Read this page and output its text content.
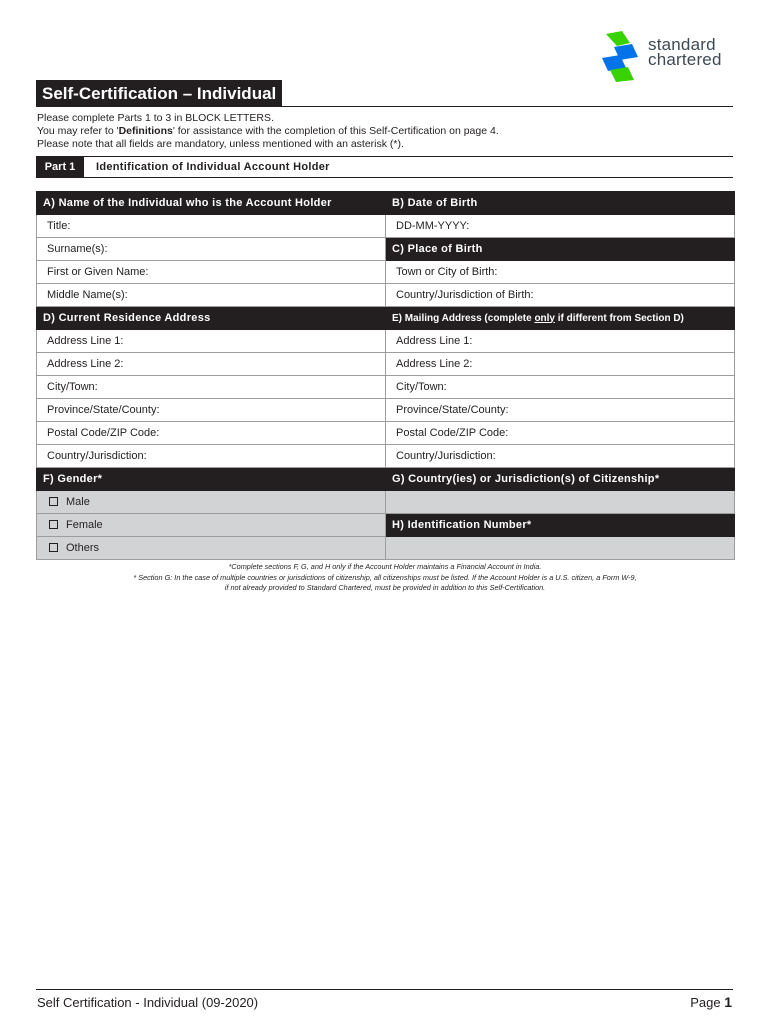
standard
chartered
Self-Certification – Individual
Please complete Parts 1 to 3 in BLOCK LETTERS.
You may refer to 'Definitions' for assistance with the completion of this Self-Certification on page 4.
Please note that all fields are mandatory, unless mentioned with an asterisk (*).
Part 1	Identification of Individual Account Holder
A) Name of the Individual who is the Account Holder	B) Date of Birth
Title:	DD-MM-YYYY:
Surname(s):	C) Place of Birth
First or Given Name:	Town or City of Birth:
Middle Name(s):	Country/Jurisdiction of Birth:
D) Current Residence Address	E) Mailing Address (complete only if different from Section D)
Address Line 1:	Address Line 1:
Address Line 2:	Address Line 2:
City/Town:	City/Town:
Province/State/County:	Province/State/County:
Postal Code/ZIP Code:	Postal Code/ZIP Code:
Country/Jurisdiction:	Country/Jurisdiction:
F) Gender*	G) Country(ies) or Jurisdiction(s) of Citizenship*
Male	
Female	H) Identification Number*
Others	
*Complete sections F, G, and H only if the Account Holder maintains a Financial Account in India.
* Section G: In the case of multiple countries or jurisdictions of citizenship, all citizenships must be listed. If the Account Holder is a U.S. citizen, a Form W-9,
if not already provided to Standard Chartered, must be provided in addition to this Self-Certification.
Self Certification - Individual (09-2020)	Page 1
